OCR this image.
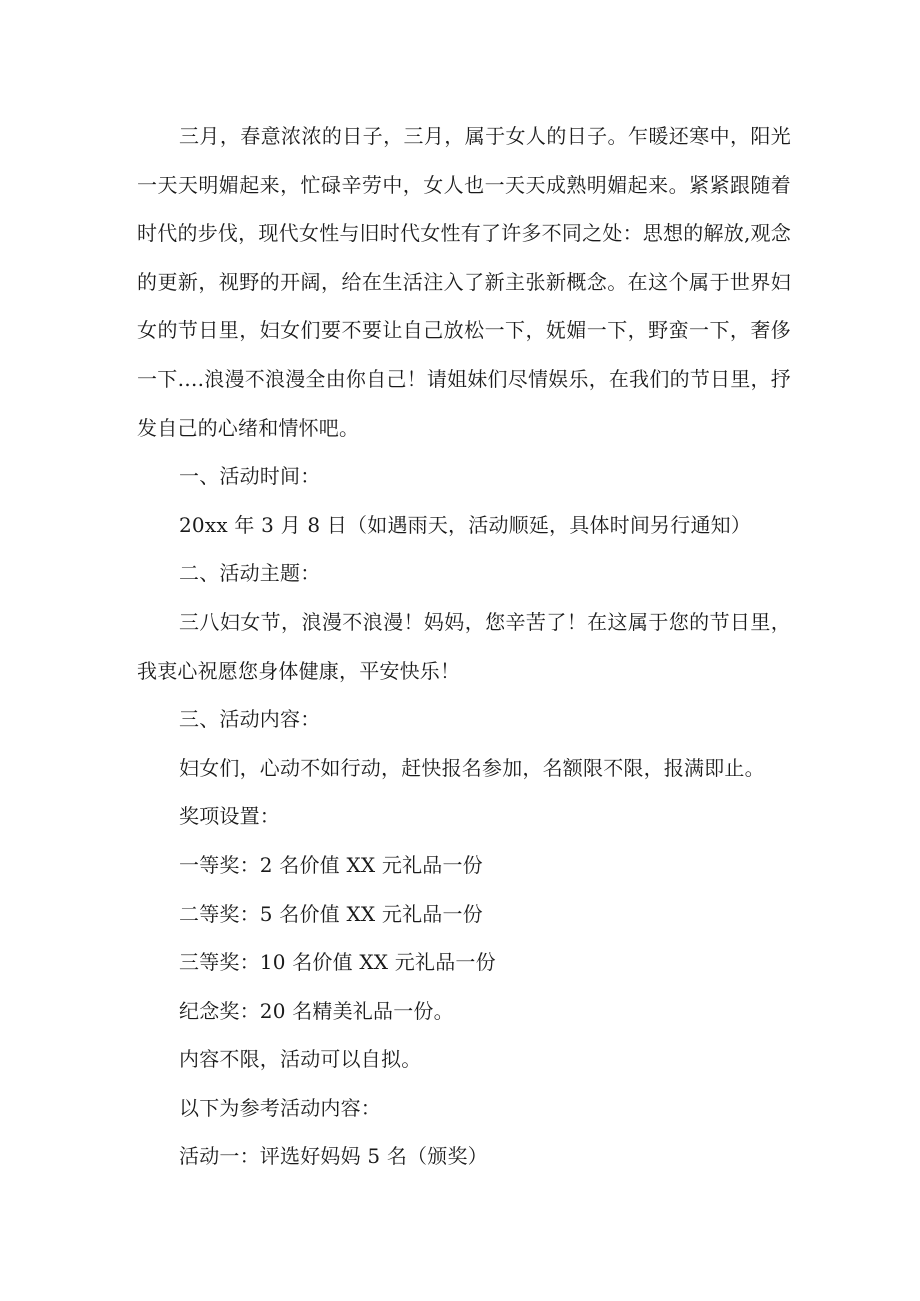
三月，春意浓浓的日子，三月，属于女人的日子。乍暖还寒中，阳光一天天明媚起来，忙碌辛劳中，女人也一天天成熟明媚起来。紧紧跟随着时代的步伐，现代女性与旧时代女性有了许多不同之处：思想的解放,观念的更新，视野的开阔，给在生活注入了新主张新概念。在这个属于世界妇女的节日里，妇女们要不要让自己放松一下，妩媚一下，野蛮一下，奢侈一下….浪漫不浪漫全由你自己！请姐妹们尽情娱乐，在我们的节日里，抒发自己的心绪和情怀吧。

一、活动时间：

20xx 年 3 月 8 日（如遇雨天，活动顺延，具体时间另行通知）

二、活动主题：

三八妇女节，浪漫不浪漫！妈妈，您辛苦了！在这属于您的节日里，我衷心祝愿您身体健康，平安快乐！

三、活动内容：

妇女们，心动不如行动，赶快报名参加，名额限不限，报满即止。

奖项设置：

一等奖：2 名价值 XX 元礼品一份

二等奖：5 名价值 XX 元礼品一份

三等奖：10 名价值 XX 元礼品一份

纪念奖：20 名精美礼品一份。

内容不限，活动可以自拟。

以下为参考活动内容：

活动一：评选好妈妈 5 名（颁奖）
